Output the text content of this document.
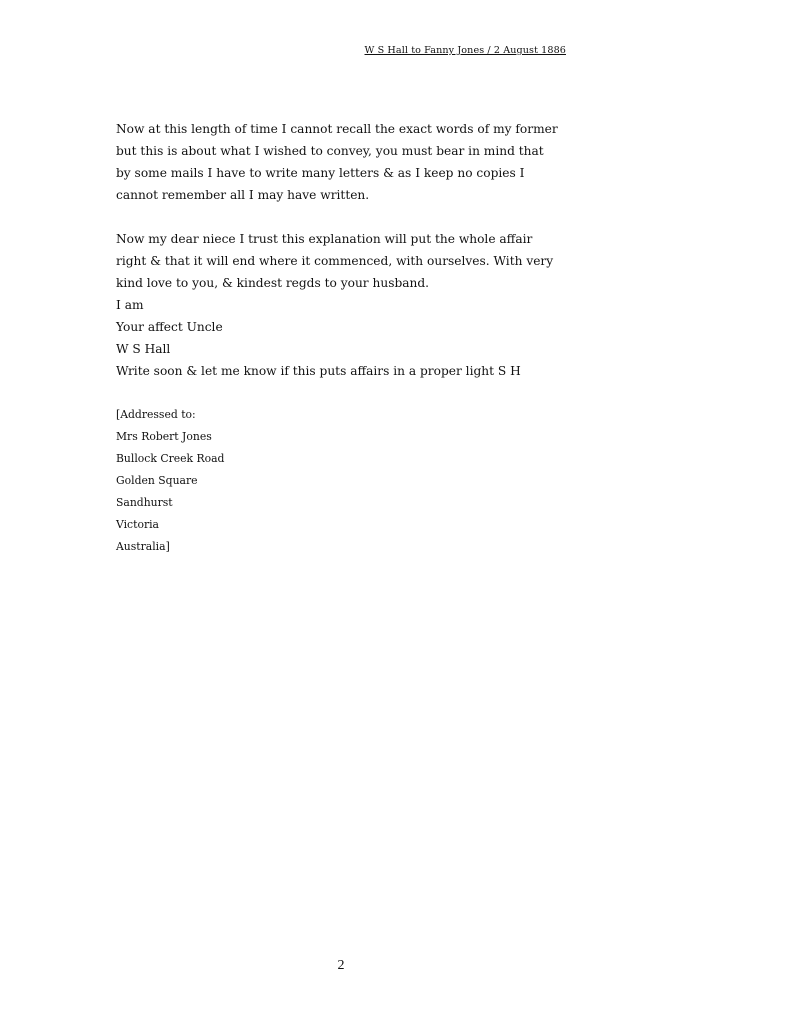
W S Hall to Fanny Jones / 2 August 1886

Now at this length of time I cannot recall the exact words of my former
but this is about what I wished to convey, you must bear in mind that
by some mails I have to write many letters & as I keep no copies I
cannot remember all I may have written.

Now my dear niece I trust this explanation will put the whole affair
right & that it will end where it commenced, with ourselves. With very
kind love to you, & kindest regds to your husband.
I am
Your affect Uncle
W S Hall
Write soon & let me know if this puts affairs in a proper light S H

[Addressed to:
Mrs Robert Jones
Bullock Creek Road
Golden Square
Sandhurst
Victoria
Australia]
2
